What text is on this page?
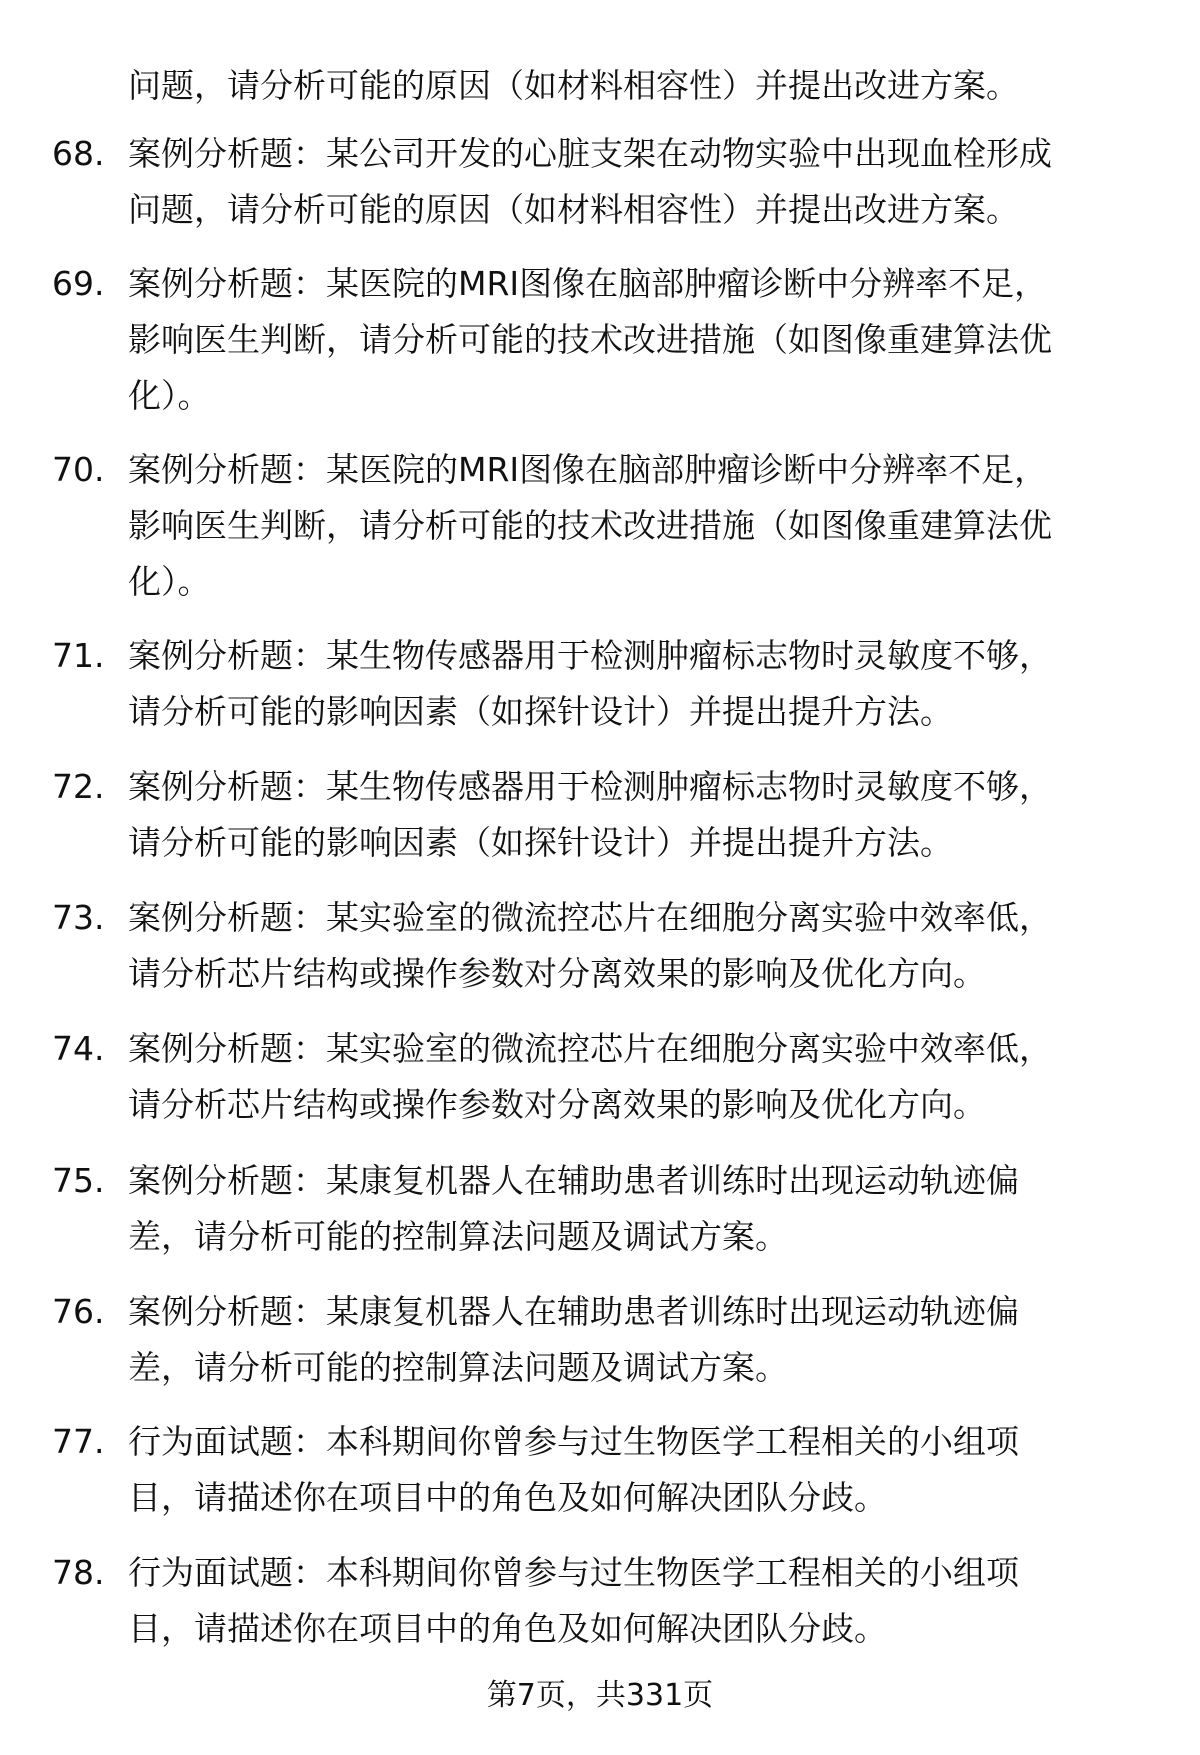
问题，请分析可能的原因（如材料相容性）并提出改进方案。
68. 案例分析题：某公司开发的心脏支架在动物实验中出现血栓形成
问题，请分析可能的原因（如材料相容性）并提出改进方案。
69. 案例分析题：某医院的MRI图像在脑部肿瘤诊断中分辨率不足，
影响医生判断，请分析可能的技术改进措施（如图像重建算法优
化）。
70. 案例分析题：某医院的MRI图像在脑部肿瘤诊断中分辨率不足，
影响医生判断，请分析可能的技术改进措施（如图像重建算法优
化）。
71. 案例分析题：某生物传感器用于检测肿瘤标志物时灵敏度不够，
请分析可能的影响因素（如探针设计）并提出提升方法。
72. 案例分析题：某生物传感器用于检测肿瘤标志物时灵敏度不够，
请分析可能的影响因素（如探针设计）并提出提升方法。
73. 案例分析题：某实验室的微流控芯片在细胞分离实验中效率低，
请分析芯片结构或操作参数对分离效果的影响及优化方向。
74. 案例分析题：某实验室的微流控芯片在细胞分离实验中效率低，
请分析芯片结构或操作参数对分离效果的影响及优化方向。
75. 案例分析题：某康复机器人在辅助患者训练时出现运动轨迹偏
差，请分析可能的控制算法问题及调试方案。
76. 案例分析题：某康复机器人在辅助患者训练时出现运动轨迹偏
差，请分析可能的控制算法问题及调试方案。
77. 行为面试题：本科期间你曾参与过生物医学工程相关的小组项
目，请描述你在项目中的角色及如何解决团队分歧。
78. 行为面试题：本科期间你曾参与过生物医学工程相关的小组项
目，请描述你在项目中的角色及如何解决团队分歧。
第7页，共331页
